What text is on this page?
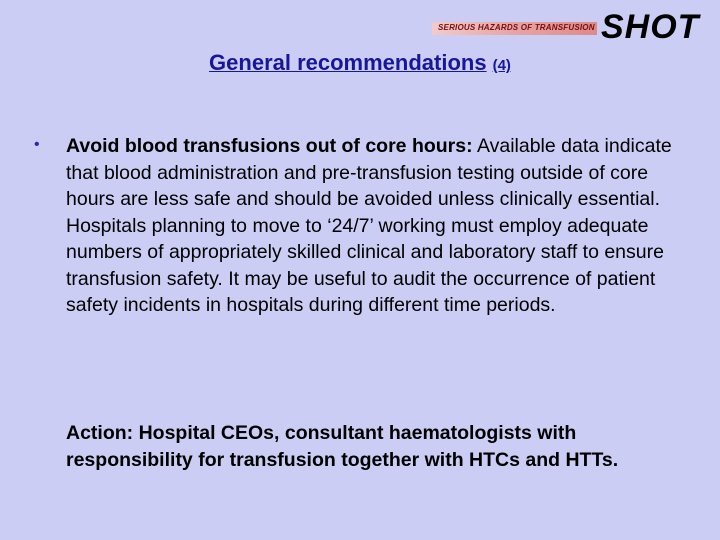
SERIOUS HAZARDS OF TRANSFUSION SHOT
General recommendations (4)
• Avoid blood transfusions out of core hours: Available data indicate that blood administration and pre-transfusion testing outside of core hours are less safe and should be avoided unless clinically essential. Hospitals planning to move to ‘24/7’ working must employ adequate numbers of appropriately skilled clinical and laboratory staff to ensure transfusion safety. It may be useful to audit the occurrence of patient safety incidents in hospitals during different time periods.
Action: Hospital CEOs, consultant haematologists with responsibility for transfusion together with HTCs and HTTs.
